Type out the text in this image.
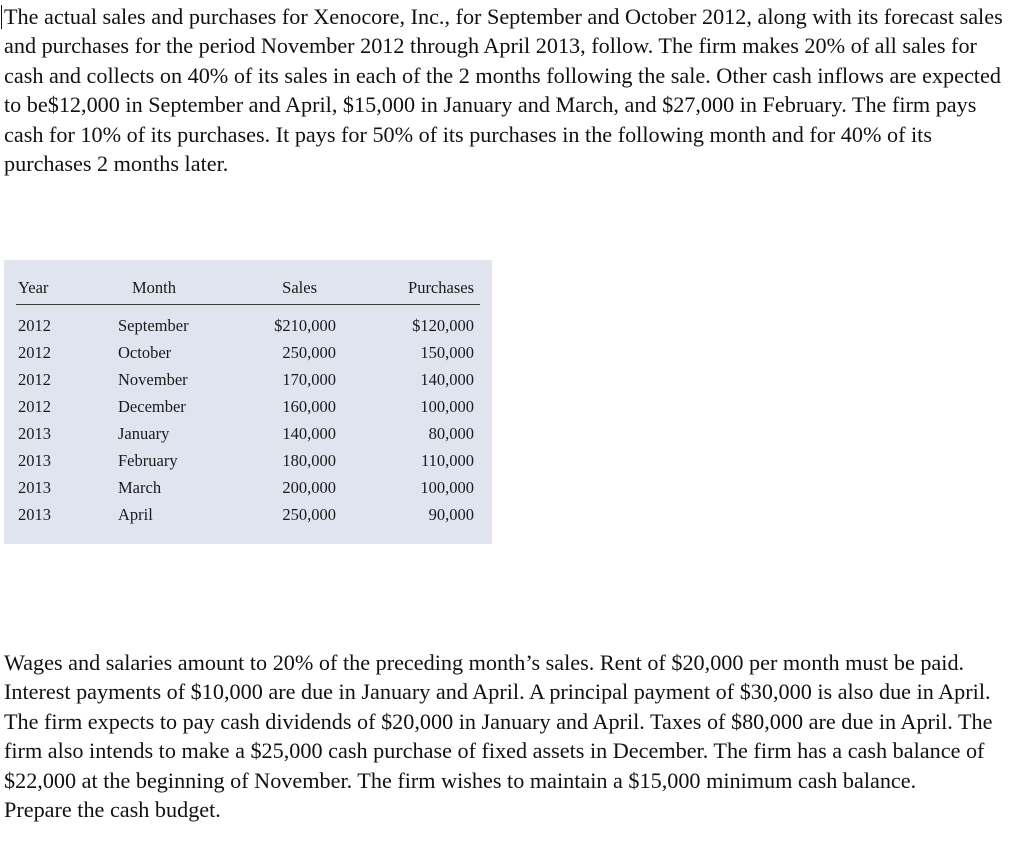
The actual sales and purchases for Xenocore, Inc., for September and October 2012, along with its forecast sales and purchases for the period November 2012 through April 2013, follow. The firm makes 20% of all sales for cash and collects on 40% of its sales in each of the 2 months following the sale. Other cash inflows are expected to be$12,000 in September and April, $15,000 in January and March, and $27,000 in February. The firm pays cash for 10% of its purchases. It pays for 50% of its purchases in the following month and for 40% of its purchases 2 months later.

Year	Month	Sales	Purchases
2012	September	$210,000	$120,000
2012	October	250,000	150,000
2012	November	170,000	140,000
2012	December	160,000	100,000
2013	January	140,000	80,000
2013	February	180,000	110,000
2013	March	200,000	100,000
2013	April	250,000	90,000

Wages and salaries amount to 20% of the preceding month’s sales. Rent of $20,000 per month must be paid. Interest payments of $10,000 are due in January and April. A principal payment of $30,000 is also due in April. The firm expects to pay cash dividends of $20,000 in January and April. Taxes of $80,000 are due in April. The firm also intends to make a $25,000 cash purchase of fixed assets in December. The firm has a cash balance of $22,000 at the beginning of November. The firm wishes to maintain a $15,000 minimum cash balance.
Prepare the cash budget.
